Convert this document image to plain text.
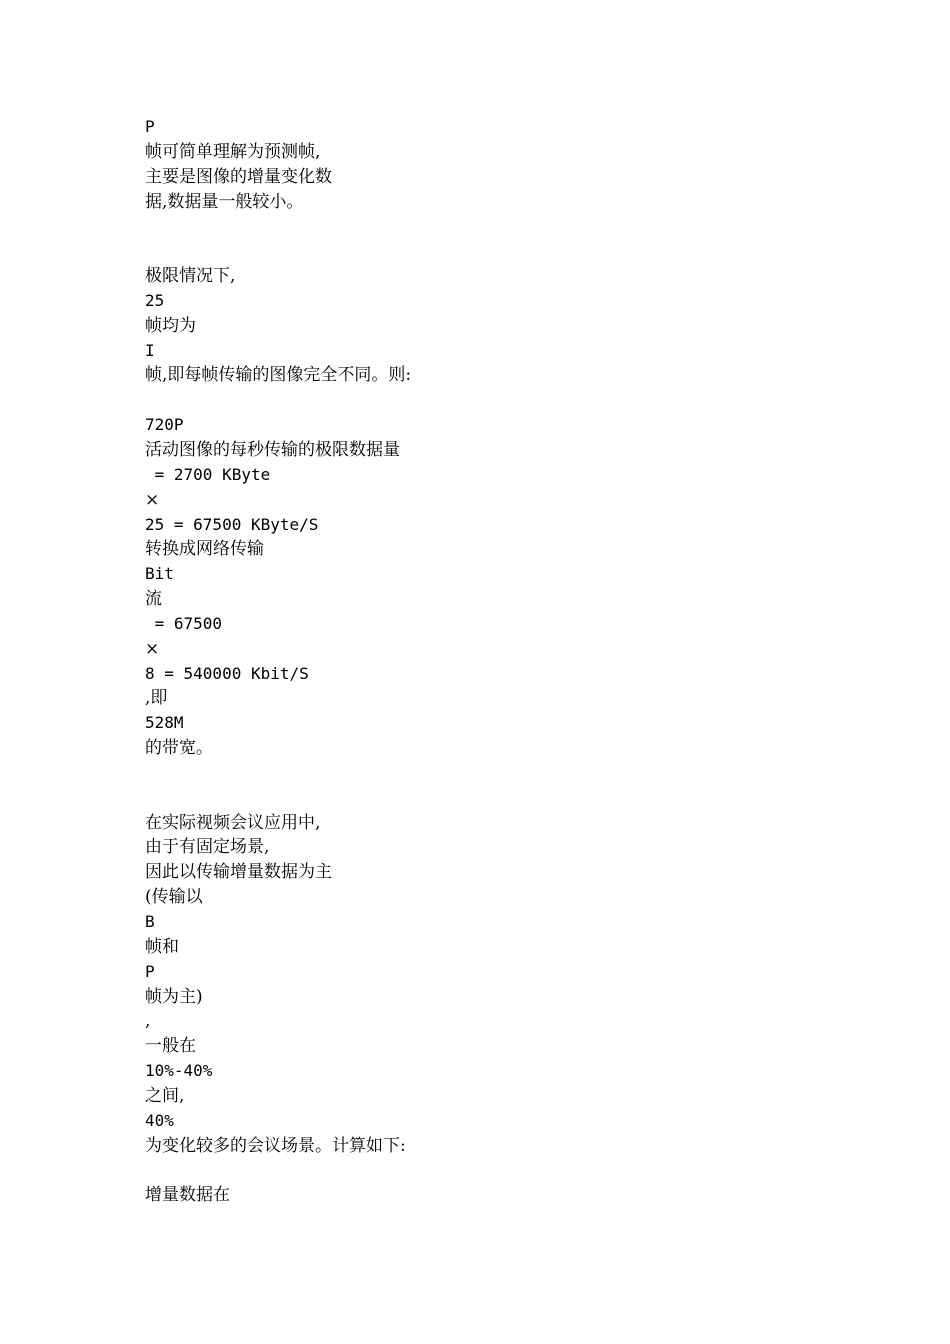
P
帧可简单理解为预测帧,
主要是图像的增量变化数
据,数据量一般较小。
极限情况下,
25
帧均为
I
帧,即每帧传输的图像完全不同。则:
720P
活动图像的每秒传输的极限数据量
= 2700 KByte
×
25 = 67500 KByte/S
转换成网络传输
Bit
流
= 67500
×
8 = 540000 Kbit/S
,即
528M
的带宽。
在实际视频会议应用中,
由于有固定场景,
因此以传输增量数据为主
(传输以
B
帧和
P
帧为主)
,
一般在
10%-40%
之间,
40%
为变化较多的会议场景。计算如下:
增量数据在
